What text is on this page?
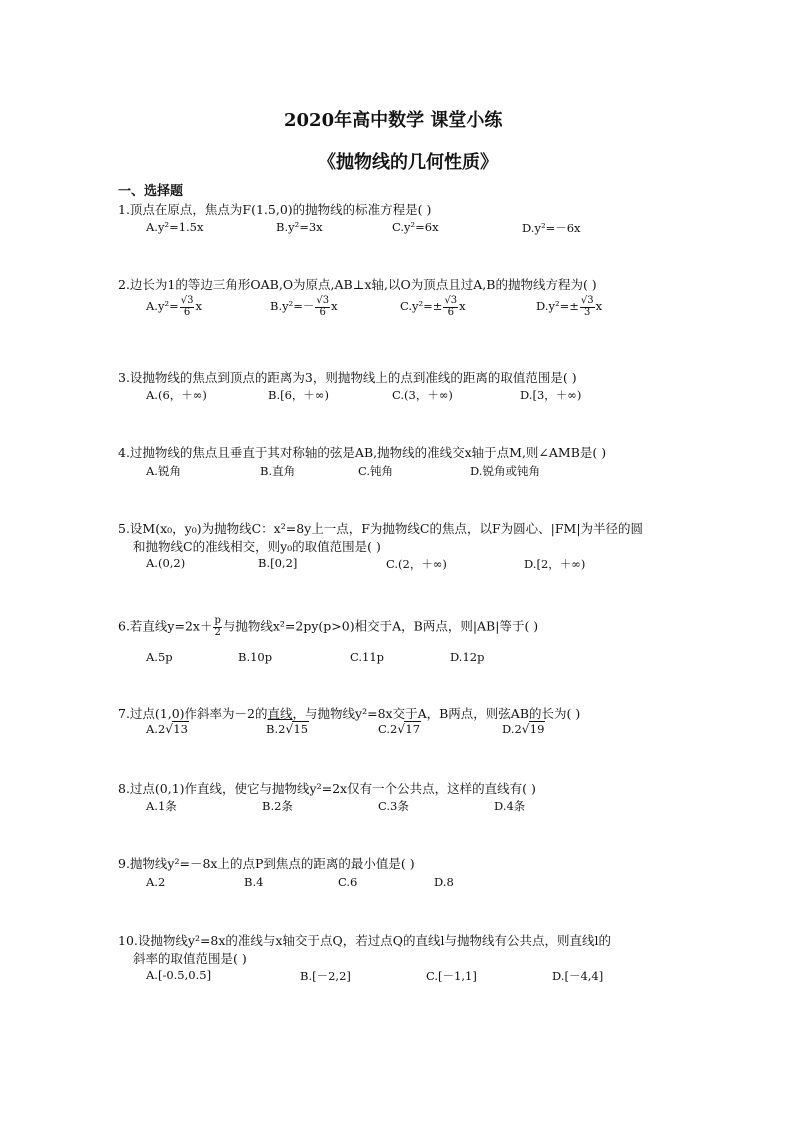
2020年高中数学 课堂小练
《抛物线的几何性质》
一、选择题
1.顶点在原点，焦点为F(1.5,0)的抛物线的标准方程是( )
A.y²=1.5x	B.y²=3x	C.y²=6x	D.y²=－6x
2.边长为1的等边三角形OAB,O为原点,AB⊥x轴,以O为顶点且过A,B的抛物线方程为( )
$A.y^2= \frac{√3}{6}$ x	$B.y^2=- \frac{√3}{6}$ x	$C.y^2=\pm \frac{√3}{6}$ x	$D.y^2=\pm \frac{√3}{3}$ x
3.设抛物线的焦点到顶点的距离为3，则抛物线上的点到准线的距离的取值范围是( )
A.(6，＋∞)	B.[6，＋∞)	C.(3，＋∞)	D.[3，＋∞)
4.过抛物线的焦点且垂直于其对称轴的弦是AB,抛物线的准线交x轴于点M,则∠AMB是( )
A.锐角	B.直角	C.钝角	D.锐角或钝角
5.设M(x₀，y₀)为抛物线C：x²=8y上一点，F为抛物线C的焦点，以F为圆心、|FM|为半径的圆
和抛物线C的准线相交，则y₀的取值范围是( )
A.(0,2)	B.[0,2]	C.(2，＋∞)	D.[2，＋∞)
6.若直线$y=2x+ \frac{p}{2}$ 与抛物线x²=2py(p>0)相交于A，B两点，则|AB|等于( )
A.5p	B.10p	C.11p	D.12p
7.过点(1,0)作斜率为－2的直线，与抛物线y²=8x交于A，B两点，则弦AB的长为( )
A.2 √ 13	B.2 √ 15	C.2 √ 17	D.2 √ 19
8.过点(0,1)作直线，使它与抛物线y²=2x仅有一个公共点，这样的直线有( )
A.1条	B.2条	C.3条	D.4条
9.抛物线y²=－8x上的点P到焦点的距离的最小值是( )
A.2	B.4	C.6	D.8
10.设抛物线y²=8x的准线与x轴交于点Q，若过点Q的直线l与抛物线有公共点，则直线l的
斜率的取值范围是( )
A.[-0.5,0.5]	B.[－2,2]	C.[－1,1]	D.[－4,4]
